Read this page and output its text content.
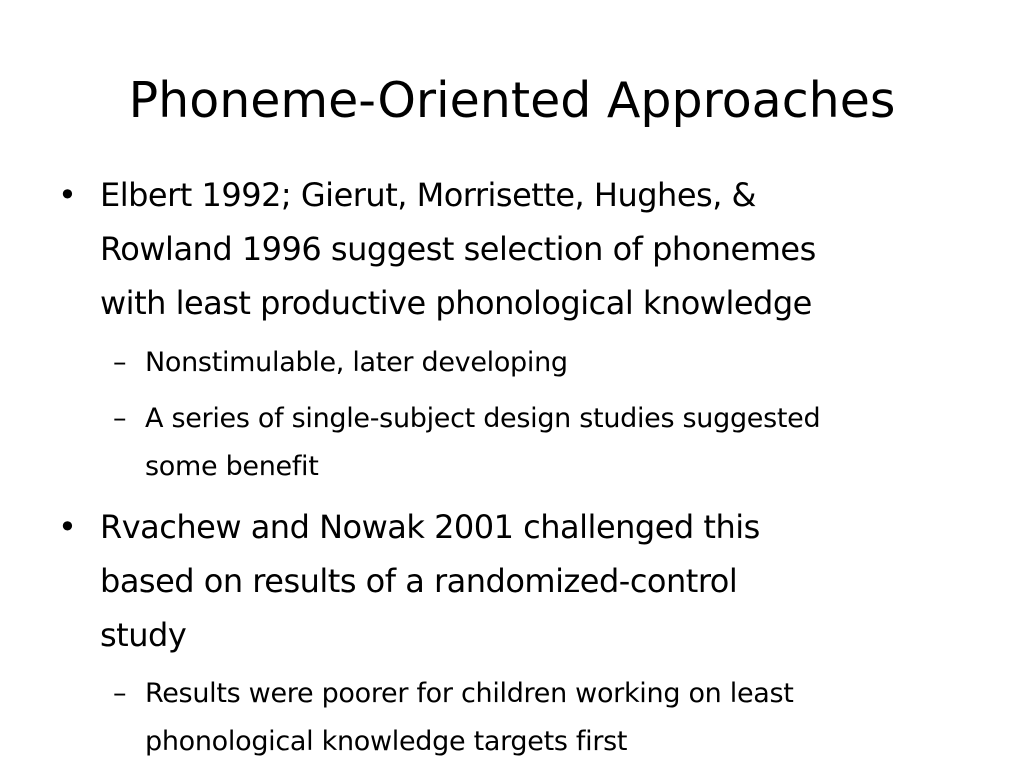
Phoneme-Oriented Approaches
• Elbert 1992; Gierut, Morrisette, Hughes, &
Rowland 1996 suggest selection of phonemes
with least productive phonological knowledge
– Nonstimulable, later developing
– A series of single-subject design studies suggested
some benefit
• Rvachew and Nowak 2001 challenged this
based on results of a randomized-control
study
– Results were poorer for children working on least
phonological knowledge targets first
